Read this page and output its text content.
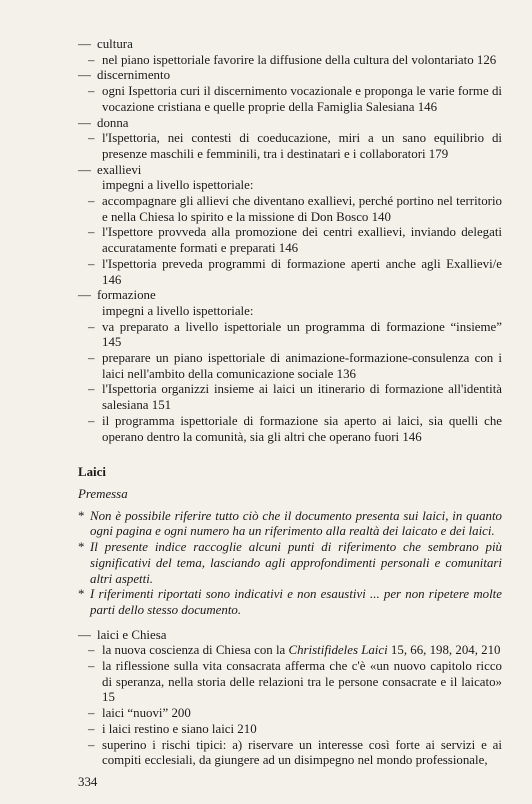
— cultura
– nel piano ispettoriale favorire la diffusione della cultura del volontariato 126
— discernimento
– ogni Ispettoria curi il discernimento vocazionale e proponga le varie forme di vocazione cristiana e quelle proprie della Famiglia Salesiana 146
— donna
– l'Ispettoria, nei contesti di coeducazione, miri a un sano equilibrio di presenze maschili e femminili, tra i destinatari e i collaboratori 179
— exallievi
impegni a livello ispettoriale:
– accompagnare gli allievi che diventano exallievi, perché portino nel territorio e nella Chiesa lo spirito e la missione di Don Bosco 140
– l'Ispettore provveda alla promozione dei centri exallievi, inviando delegati accuratamente formati e preparati 146
– l'Ispettoria preveda programmi di formazione aperti anche agli Exallievi/e 146
— formazione
impegni a livello ispettoriale:
– va preparato a livello ispettoriale un programma di formazione “insieme” 145
– preparare un piano ispettoriale di animazione-formazione-consulenza con i laici nell'ambito della comunicazione sociale 136
– l'Ispettoria organizzi insieme ai laici un itinerario di formazione all'identità salesiana 151
– il programma ispettoriale di formazione sia aperto ai laici, sia quelli che operano dentro la comunità, sia gli altri che operano fuori 146
Laici
Premessa
* Non è possibile riferire tutto ciò che il documento presenta sui laici, in quanto ogni pagina e ogni numero ha un riferimento alla realtà dei laicato e dei laici.
* Il presente indice raccoglie alcuni punti di riferimento che sembrano più significativi del tema, lasciando agli approfondimenti personali e comunitari altri aspetti.
* I riferimenti riportati sono indicativi e non esaustivi ... per non ripetere molte parti dello stesso documento.
— laici e Chiesa
– la nuova coscienza di Chiesa con la Christifideles Laici 15, 66, 198, 204, 210
– la riflessione sulla vita consacrata afferma che c'è «un nuovo capitolo ricco di speranza, nella storia delle relazioni tra le persone consacrate e il laicato» 15
– laici “nuovi” 200
– i laici restino e siano laici 210
– superino i rischi tipici: a) riservare un interesse così forte ai servizi e ai compiti ecclesiali, da giungere ad un disimpegno nel mondo professionale,
334
